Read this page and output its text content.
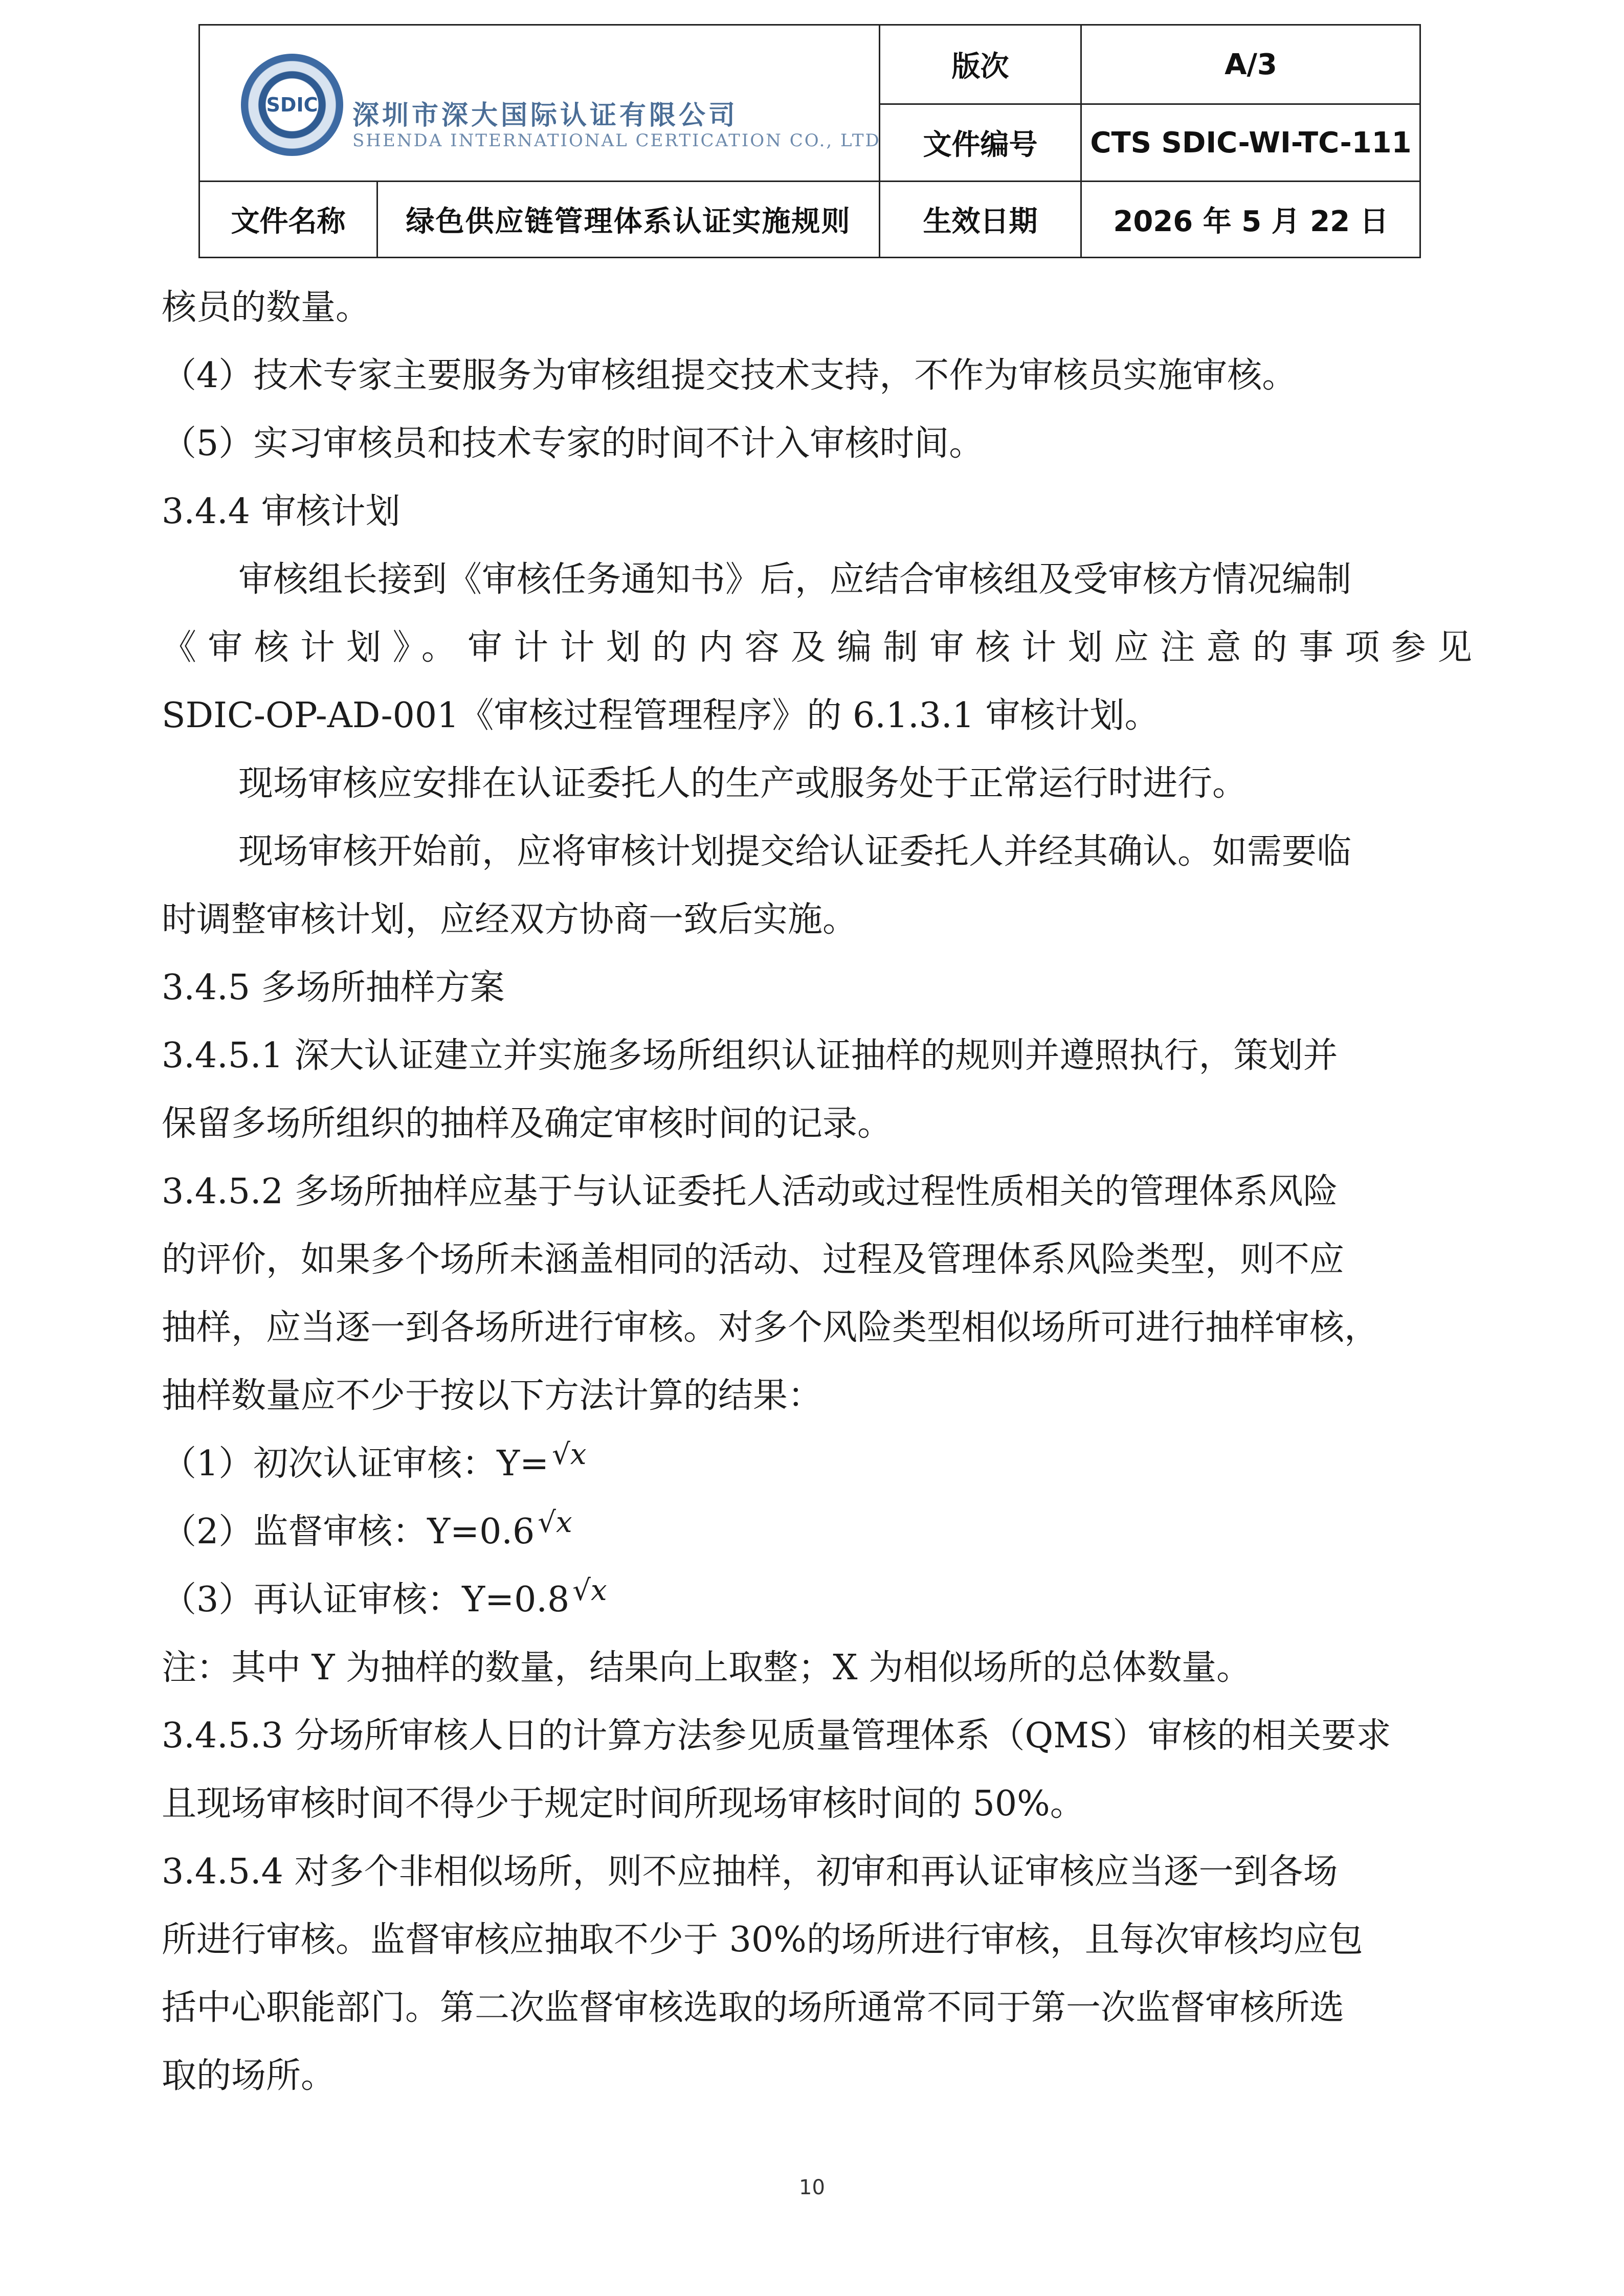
SDIC 深圳市深大国际认证有限公司
SHENDA INTERNATIONAL CERTICATION CO., LTD
版次	A/3
文件编号	CTS SDIC-WI-TC-111
文件名称	绿色供应链管理体系认证实施规则	生效日期	2026 年 5 月 22 日
核员的数量。
（4）技术专家主要服务为审核组提交技术支持，不作为审核员实施审核。
（5）实习审核员和技术专家的时间不计入审核时间。
3.4.4 审核计划
审核组长接到《审核任务通知书》后，应结合审核组及受审核方情况编制
《审核计划》。审计计划的内容及编制审核计划应注意的事项参见
SDIC-OP-AD-001《审核过程管理程序》的 6.1.3.1 审核计划。
现场审核应安排在认证委托人的生产或服务处于正常运行时进行。
现场审核开始前，应将审核计划提交给认证委托人并经其确认。如需要临
时调整审核计划，应经双方协商一致后实施。
3.4.5 多场所抽样方案
3.4.5.1 深大认证建立并实施多场所组织认证抽样的规则并遵照执行，策划并
保留多场所组织的抽样及确定审核时间的记录。
3.4.5.2 多场所抽样应基于与认证委托人活动或过程性质相关的管理体系风险
的评价，如果多个场所未涵盖相同的活动、过程及管理体系风险类型，则不应
抽样，应当逐一到各场所进行审核。对多个风险类型相似场所可进行抽样审核，
抽样数量应不少于按以下方法计算的结果：
（1）初次认证审核：Y= $^{√x}$
（2）监督审核：Y=0.6 $^{√x}$
（3）再认证审核：Y=0.8 $^{√x}$
注：其中 Y 为抽样的数量，结果向上取整；X 为相似场所的总体数量。
3.4.5.3 分场所审核人日的计算方法参见质量管理体系（QMS）审核的相关要求
且现场审核时间不得少于规定时间所现场审核时间的 50%。
3.4.5.4 对多个非相似场所，则不应抽样，初审和再认证审核应当逐一到各场
所进行审核。监督审核应抽取不少于 30%的场所进行审核，且每次审核均应包
括中心职能部门。第二次监督审核选取的场所通常不同于第一次监督审核所选
取的场所。
10
